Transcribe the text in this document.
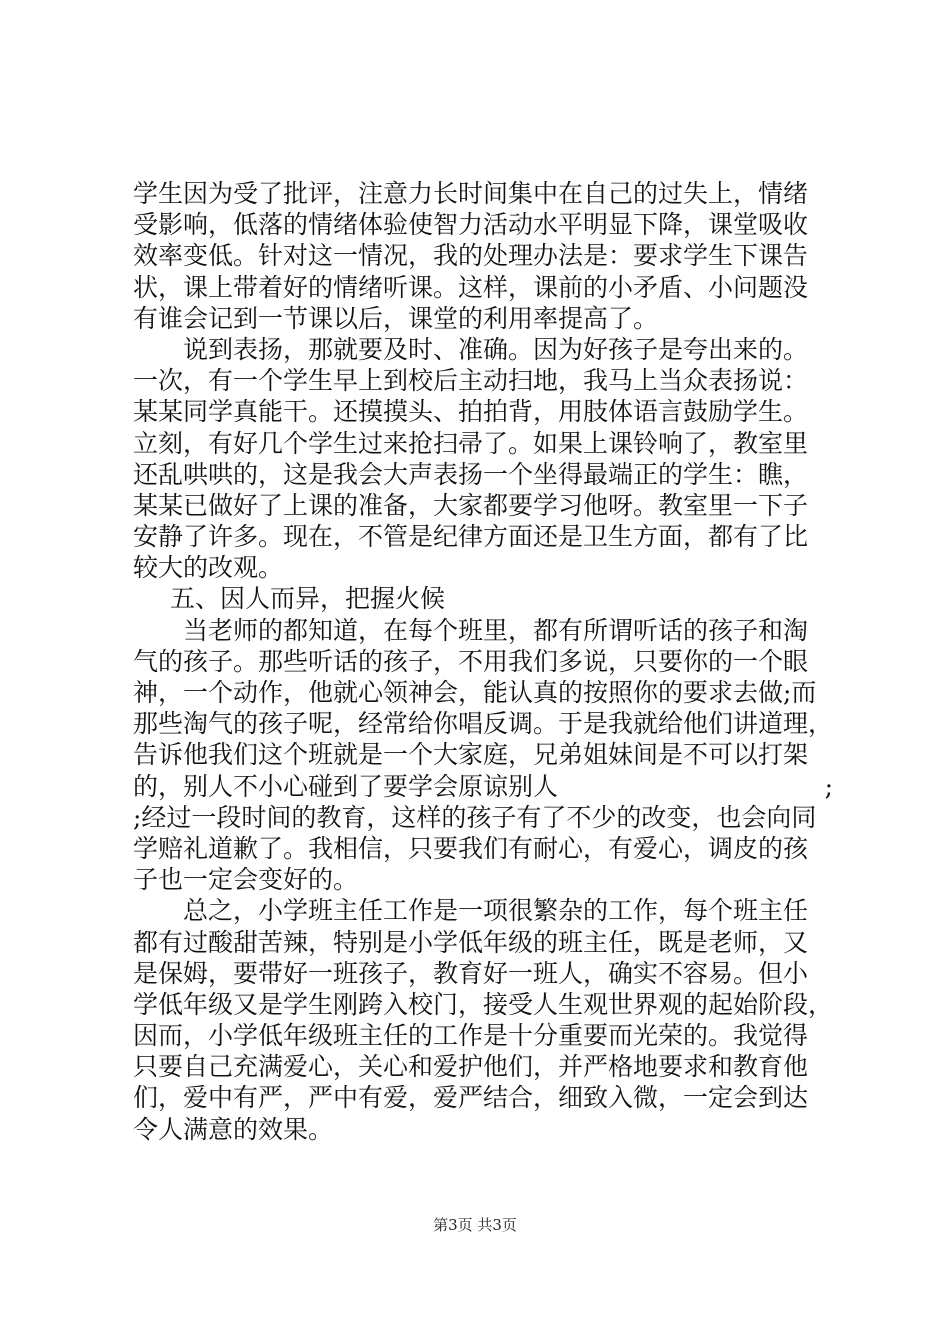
学生因为受了批评，注意力长时间集中在自己的过失上，情绪
受影响，低落的情绪体验使智力活动水平明显下降，课堂吸收
效率变低。针对这一情况，我的处理办法是：要求学生下课告
状，课上带着好的情绪听课。这样，课前的小矛盾、小问题没
有谁会记到一节课以后，课堂的利用率提高了。
说到表扬，那就要及时、准确。因为好孩子是夸出来的。
一次，有一个学生早上到校后主动扫地，我马上当众表扬说：
某某同学真能干。还摸摸头、拍拍背，用肢体语言鼓励学生。
立刻，有好几个学生过来抢扫帚了。如果上课铃响了，教室里
还乱哄哄的，这是我会大声表扬一个坐得最端正的学生：瞧，
某某已做好了上课的准备，大家都要学习他呀。教室里一下子
安静了许多。现在，不管是纪律方面还是卫生方面，都有了比
较大的改观。
五、因人而异，把握火候
当老师的都知道，在每个班里，都有所谓听话的孩子和淘
气的孩子。那些听话的孩子，不用我们多说，只要你的一个眼
神，一个动作，他就心领神会，能认真的按照你的要求去做;而
那些淘气的孩子呢，经常给你唱反调。于是我就给他们讲道理，
告诉他我们这个班就是一个大家庭，兄弟姐妹间是不可以打架
的，别人不小心碰到了要学会原谅别人	;
;经过一段时间的教育，这样的孩子有了不少的改变，也会向同
学赔礼道歉了。我相信，只要我们有耐心，有爱心，调皮的孩
子也一定会变好的。
总之，小学班主任工作是一项很繁杂的工作，每个班主任
都有过酸甜苦辣，特别是小学低年级的班主任，既是老师，又
是保姆，要带好一班孩子，教育好一班人，确实不容易。但小
学低年级又是学生刚跨入校门，接受人生观世界观的起始阶段，
因而，小学低年级班主任的工作是十分重要而光荣的。我觉得
只要自己充满爱心，关心和爱护他们，并严格地要求和教育他
们，爱中有严，严中有爱，爱严结合，细致入微，一定会到达
令人满意的效果。
第3页 共3页
